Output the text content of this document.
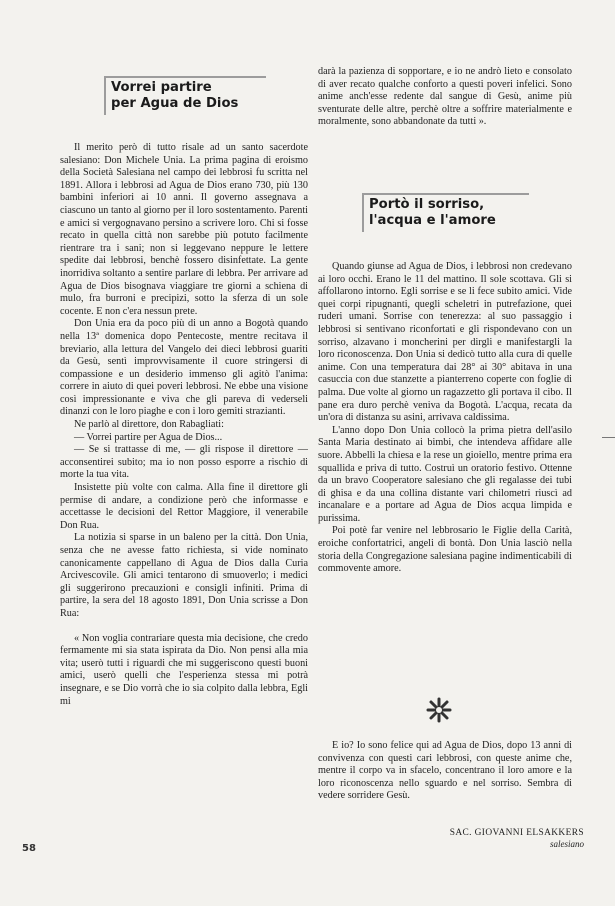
Vorrei partire
per Agua de Dios

Il merito però di tutto risale ad un santo sacerdote salesiano: Don Michele Unia. La prima pagina di eroismo della Società Salesiana nel campo dei lebbrosi fu scritta nel 1891. Allora i lebbrosi ad Agua de Dios erano 730, più 130 bambini inferiori ai 10 anni. Il governo assegnava a ciascuno un tanto al giorno per il loro sostentamento. Parenti e amici si vergognavano persino a scrivere loro. Chi si fosse recato in quella città non sarebbe più potuto facilmente rientrare tra i sani; non si leggevano neppure le lettere spedite dai lebbrosi, benchè fossero disinfettate. La gente inorridiva soltanto a sentire parlare di lebbra. Per arrivare ad Agua de Dios bisognava viaggiare tre giorni a schiena di mulo, fra burroni e precipizi, sotto la sferza di un sole cocente. E non c'era nessun prete.

Don Unia era da poco più di un anno a Bogotà quando nella 13ª domenica dopo Pentecoste, mentre recitava il breviario, alla lettura del Vangelo dei dieci lebbrosi guariti da Gesù, sentì improvvisamente il cuore stringersi di compassione e un desiderio immenso gli agitò l'anima: correre in aiuto di quei poveri lebbrosi. Ne ebbe una visione così impressionante e viva che gli pareva di vederseli dinanzi con le loro piaghe e con i loro gemiti strazianti.

Ne parlò al direttore, don Rabagliati:

— Vorrei partire per Agua de Dios...

— Se si trattasse di me, — gli rispose il direttore — acconsentirei subito; ma io non posso esporre a rischio di morte la tua vita.

Insistette più volte con calma. Alla fine il direttore gli permise di andare, a condizione però che informasse e accettasse le decisioni del Rettor Maggiore, il venerabile Don Rua.

La notizia si sparse in un baleno per la città. Don Unia, senza che ne avesse fatto richiesta, si vide nominato canonicamente cappellano di Agua de Dios dalla Curia Arcivescovile. Gli amici tentarono di smuoverlo; i medici gli suggerirono precauzioni e consigli infiniti. Prima di partire, la sera del 18 agosto 1891, Don Unia scrisse a Don Rua:

« Non voglia contrariare questa mia decisione, che credo fermamente mi sia stata ispirata da Dio. Non pensi alla mia vita; userò tutti i riguardi che mi suggeriscono questi buoni amici, userò quelli che l'esperienza stessa mi potrà insegnare, e se Dio vorrà che io sia colpito dalla lebbra, Egli mi

darà la pazienza di sopportare, e io ne andrò lieto e consolato di aver recato qualche conforto a questi poveri infelici. Sono anime anch'esse redente dal sangue di Gesù, anime più sventurate delle altre, perchè oltre a soffrire materialmente e moralmente, sono abbandonate da tutti ».

Quando giunse ad Agua de Dios, i lebbrosi non credevano ai loro occhi. Erano le 11 del mattino. Il sole scottava. Gli si affollarono intorno. Egli sorrise e se li fece subito amici. Vide quei corpi ripugnanti, quegli scheletri in putrefazione, quei ruderi umani. Sorrise con tenerezza: al suo passaggio i lebbrosi si sentivano riconfortati e gli rispondevano con un sorriso, alzavano i moncherini per dirgli e manifestargli la loro riconoscenza. Don Unia si dedicò tutto alla cura di quelle anime. Con una temperatura dai 28° ai 30° abitava in una casuccia con due stanzette a pianterreno coperte con foglie di palma. Due volte al giorno un ragazzetto gli portava il cibo. Il pane era duro perchè veniva da Bogotà. L'acqua, recata da un'ora di distanza su asini, arrivava caldissima.

L'anno dopo Don Unia collocò la prima pietra dell'asilo Santa Maria destinato ai bimbi, che intendeva affidare alle suore. Abbellì la chiesa e la rese un gioiello, mentre prima era squallida e priva di tutto. Costruì un oratorio festivo. Ottenne da un bravo Cooperatore salesiano che gli regalasse dei tubi di ghisa e da una collina distante vari chilometri riuscì ad incanalare e a portare ad Agua de Dios acqua limpida e purissima.

Poi potè far venire nel lebbrosario le Figlie della Carità, eroiche confortatrici, angeli di bontà. Don Unia lasciò nella storia della Congregazione salesiana pagine indimenticabili di commovente amore.

E io? Io sono felice qui ad Agua de Dios, dopo 13 anni di convivenza con questi cari lebbrosi, con queste anime che, mentre il corpo va in sfacelo, concentrano il loro amore e la loro riconoscenza nello sguardo e nel sorriso. Sembra di vedere sorridere Gesù.

Portò il sorriso,
l'acqua e l'amore
SAC. GIOVANNI ELSAKKERS
salesiano
58
